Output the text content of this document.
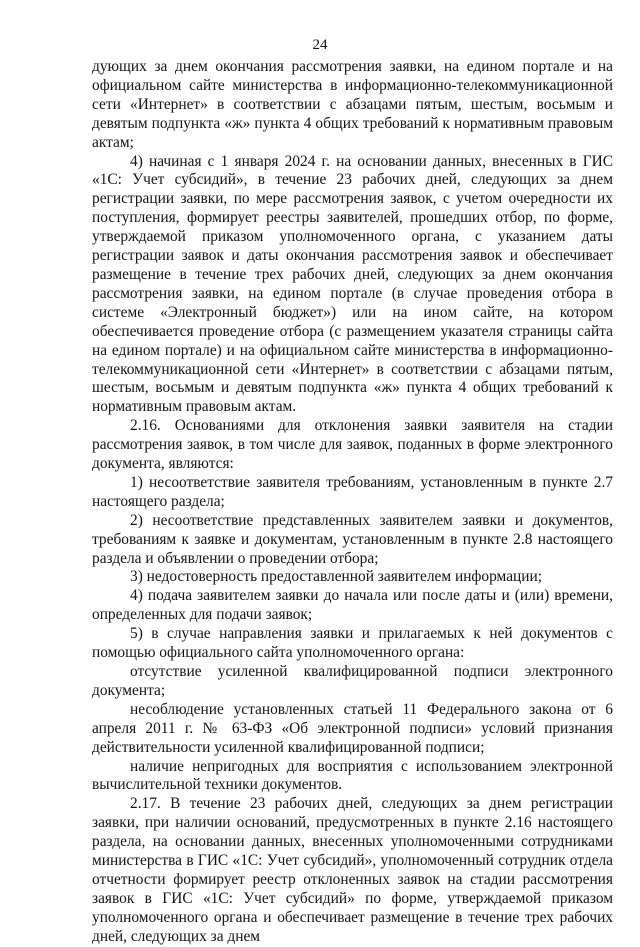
24

дующих за днем окончания рассмотрения заявки, на едином портале и на официальном сайте министерства в информационно-телекоммуникационной сети «Интернет» в соответствии с абзацами пятым, шестым, восьмым и девятым подпункта «ж» пункта 4 общих требований к нормативным правовым актам;

4) начиная с 1 января 2024 г. на основании данных, внесенных в ГИС «1С: Учет субсидий», в течение 23 рабочих дней, следующих за днем регистрации заявки, по мере рассмотрения заявок, с учетом очередности их поступления, формирует реестры заявителей, прошедших отбор, по форме, утверждаемой приказом уполномоченного органа, с указанием даты регистрации заявок и даты окончания рассмотрения заявок и обеспечивает размещение в течение трех рабочих дней, следующих за днем окончания рассмотрения заявки, на едином портале (в случае проведения отбора в системе «Электронный бюджет») или на ином сайте, на котором обеспечивается проведение отбора (с размещением указателя страницы сайта на едином портале) и на официальном сайте министерства в информационно-телекоммуникационной сети «Интернет» в соответствии с абзацами пятым, шестым, восьмым и девятым подпункта «ж» пункта 4 общих требований к нормативным правовым актам.

2.16. Основаниями для отклонения заявки заявителя на стадии рассмотрения заявок, в том числе для заявок, поданных в форме электронного документа, являются:

1) несоответствие заявителя требованиям, установленным в пункте 2.7 настоящего раздела;

2) несоответствие представленных заявителем заявки и документов, требованиям к заявке и документам, установленным в пункте 2.8 настоящего раздела и объявлении о проведении отбора;

3) недостоверность предоставленной заявителем информации;

4) подача заявителем заявки до начала или после даты и (или) времени, определенных для подачи заявок;

5) в случае направления заявки и прилагаемых к ней документов с помощью официального сайта уполномоченного органа:

отсутствие усиленной квалифицированной подписи электронного документа;

несоблюдение установленных статьей 11 Федерального закона от 6 апреля 2011 г. № 63-ФЗ «Об электронной подписи» условий признания действительности усиленной квалифицированной подписи;

наличие непригодных для восприятия с использованием электронной вычислительной техники документов.

2.17. В течение 23 рабочих дней, следующих за днем регистрации заявки, при наличии оснований, предусмотренных в пункте 2.16 настоящего раздела, на основании данных, внесенных уполномоченными сотрудниками министерства в ГИС «1С: Учет субсидий», уполномоченный сотрудник отдела отчетности формирует реестр отклоненных заявок на стадии рассмотрения заявок в ГИС «1С: Учет субсидий» по форме, утверждаемой приказом уполномоченного органа и обеспечивает размещение в течение трех рабочих дней, следующих за днем
